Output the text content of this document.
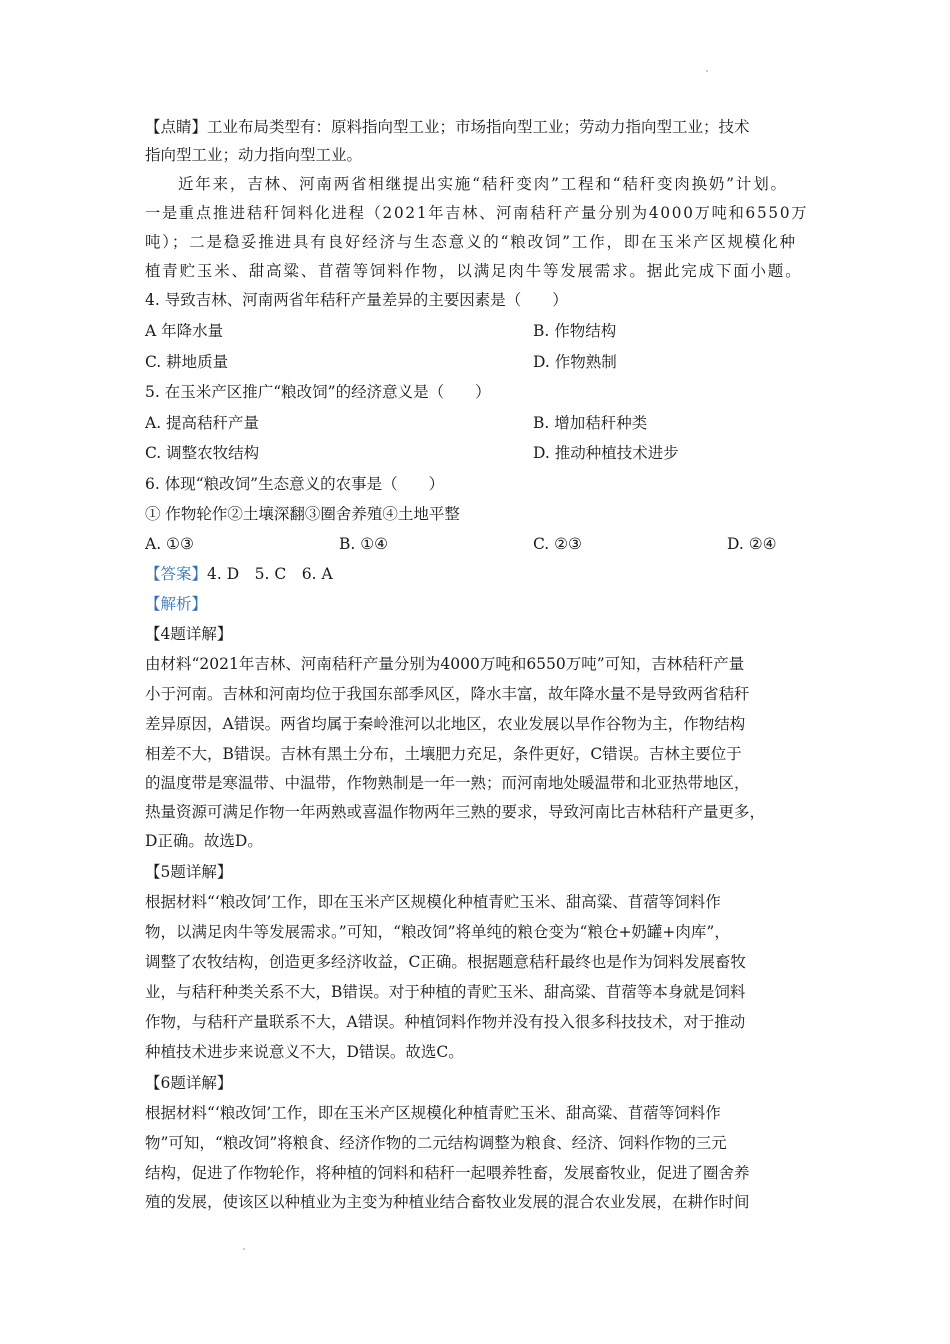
【点睛】工业布局类型有：原料指向型工业；市场指向型工业；劳动力指向型工业；技术
指向型工业；动力指向型工业。
近年来，吉林、河南两省相继提出实施“秸秆变肉”工程和“秸秆变肉换奶”计划。
一是重点推进秸秆饲料化进程（2021年吉林、河南秸秆产量分别为4000万吨和6550万
吨）；二是稳妥推进具有良好经济与生态意义的“粮改饲”工作，即在玉米产区规模化种
植青贮玉米、甜高粱、苜蓿等饲料作物，以满足肉牛等发展需求。据此完成下面小题。
4. 导致吉林、河南两省年秸秆产量差异的主要因素是（　　）
A 年降水量	B. 作物结构
C. 耕地质量	D. 作物熟制
5. 在玉米产区推广“粮改饲”的经济意义是（　　）
A. 提高秸秆产量	B. 增加秸秆种类
C. 调整农牧结构	D. 推动种植技术进步
6. 体现“粮改饲”生态意义的农事是（　　）
① 作物轮作②土壤深翻③圈舍养殖④土地平整
A. ①③	B. ①④	C. ②③	D. ②④
【答案】4. D　5. C　6. A
【解析】
【4题详解】
由材料“2021年吉林、河南秸秆产量分别为4000万吨和6550万吨”可知，吉林秸秆产量
小于河南。吉林和河南均位于我国东部季风区，降水丰富，故年降水量不是导致两省秸秆
差异原因，A错误。两省均属于秦岭淮河以北地区，农业发展以旱作谷物为主，作物结构
相差不大，B错误。吉林有黑土分布，土壤肥力充足，条件更好，C错误。吉林主要位于
的温度带是寒温带、中温带，作物熟制是一年一熟；而河南地处暖温带和北亚热带地区，
热量资源可满足作物一年两熟或喜温作物两年三熟的要求，导致河南比吉林秸秆产量更多，
D正确。故选D。
【5题详解】
根据材料“‘粮改饲’工作，即在玉米产区规模化种植青贮玉米、甜高粱、苜蓿等饲料作
物，以满足肉牛等发展需求。”可知，“粮改饲”将单纯的粮仓变为“粮仓+奶罐+肉库”，
调整了农牧结构，创造更多经济收益，C正确。根据题意秸秆最终也是作为饲料发展畜牧
业，与秸秆种类关系不大，B错误。对于种植的青贮玉米、甜高粱、苜蓿等本身就是饲料
作物，与秸秆产量联系不大，A错误。种植饲料作物并没有投入很多科技技术，对于推动
种植技术进步来说意义不大，D错误。故选C。
【6题详解】
根据材料“‘粮改饲’工作，即在玉米产区规模化种植青贮玉米、甜高粱、苜蓿等饲料作
物”可知，“粮改饲”将粮食、经济作物的二元结构调整为粮食、经济、饲料作物的三元
结构，促进了作物轮作，将种植的饲料和秸秆一起喂养牲畜，发展畜牧业，促进了圈舍养
殖的发展，使该区以种植业为主变为种植业结合畜牧业发展的混合农业发展，在耕作时间
